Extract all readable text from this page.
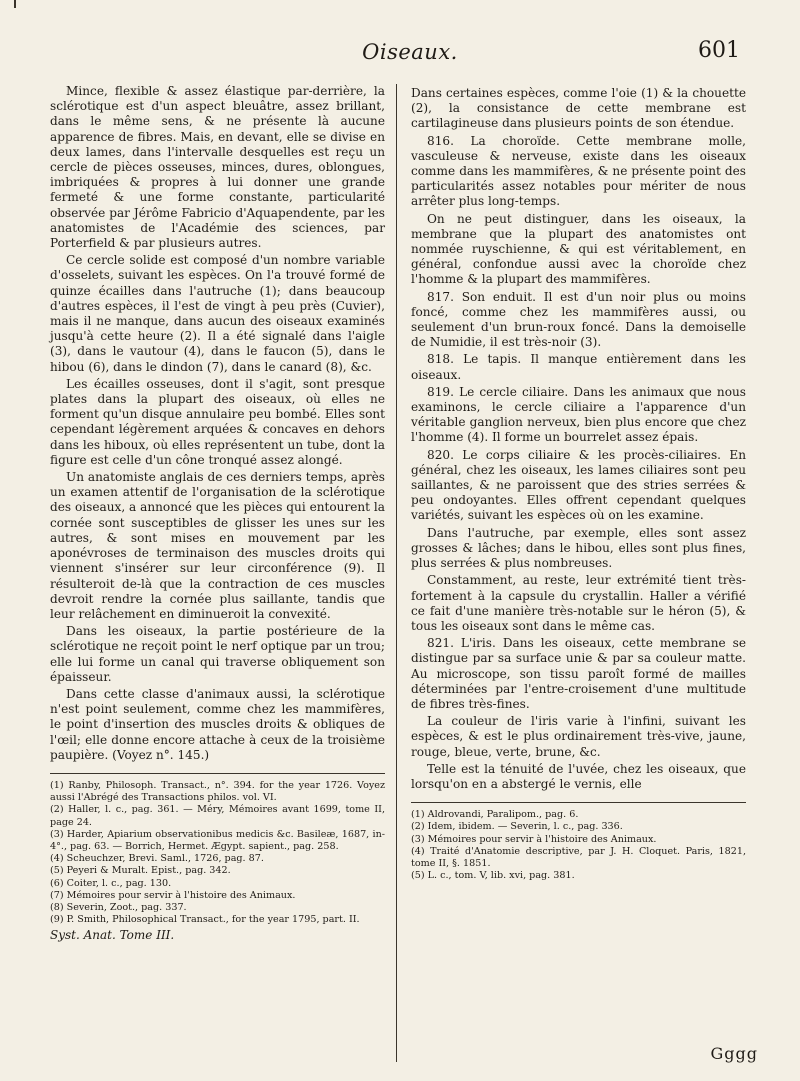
Oiseaux.	601

Mince, flexible & assez élastique par-derrière, la sclérotique est d'un aspect bleuâtre, assez brillant, dans le même sens, & ne présente là aucune apparence de fibres. Mais, en devant, elle se divise en deux lames, dans l'intervalle desquelles est reçu un cercle de pièces osseuses, minces, dures, oblongues, imbriquées & propres à lui donner une grande fermeté & une forme constante, particularité observée par Jérôme Fabricio d'Aquapendente, par les anatomistes de l'Académie des sciences, par Porterfield & par plusieurs autres.

Ce cercle solide est composé d'un nombre variable d'osselets, suivant les espèces. On l'a trouvé formé de quinze écailles dans l'autruche (1); dans beaucoup d'autres espèces, il l'est de vingt à peu près (Cuvier), mais il ne manque, dans aucun des oiseaux examinés jusqu'à cette heure (2). Il a été signalé dans l'aigle (3), dans le vautour (4), dans le faucon (5), dans le hibou (6), dans le dindon (7), dans le canard (8), &c.

Les écailles osseuses, dont il s'agit, sont presque plates dans la plupart des oiseaux, où elles ne forment qu'un disque annulaire peu bombé. Elles sont cependant légèrement arquées & concaves en dehors dans les hiboux, où elles représentent un tube, dont la figure est celle d'un cône tronqué assez alongé.

Un anatomiste anglais de ces derniers temps, après un examen attentif de l'organisation de la sclérotique des oiseaux, a annoncé que les pièces qui entourent la cornée sont susceptibles de glisser les unes sur les autres, & sont mises en mouvement par les aponévroses de terminaison des muscles droits qui viennent s'insérer sur leur circonférence (9). Il résulteroit de-là que la contraction de ces muscles devroit rendre la cornée plus saillante, tandis que leur relâchement en diminueroit la convexité.

Dans les oiseaux, la partie postérieure de la sclérotique ne reçoit point le nerf optique par un trou; elle lui forme un canal qui traverse obliquement son épaisseur.

Dans cette classe d'animaux aussi, la sclérotique n'est point seulement, comme chez les mammifères, le point d'insertion des muscles droits & obliques de l'œil; elle donne encore attache à ceux de la troisième paupière. (Voyez n°. 145.)

(1) Ranby, Philosoph. Transact., n°. 394. for the year 1726. Voyez aussi l'Abrégé des Transactions philos. vol. VI.

(2) Haller, l. c., pag. 361. — Méry, Mémoires avant 1699, tome II, page 24.

(3) Harder, Apiarium observationibus medicis &c. Basileæ, 1687, in-4°., pag. 63. — Borrich, Hermet. Ægypt. sapient., pag. 258.

(4) Scheuchzer, Brevi. Saml., 1726, pag. 87.

(5) Peyeri & Muralt. Epist., pag. 342.

(6) Coiter, l. c., pag. 130.

(7) Mémoires pour servir à l'histoire des Animaux.

(8) Severin, Zoot., pag. 337.

(9) P. Smith, Philosophical Transact., for the year 1795, part. II.

Syst. Anat. Tome III.

Dans certaines espèces, comme l'oie (1) & la chouette (2), la consistance de cette membrane est cartilagineuse dans plusieurs points de son étendue.

816. La choroïde. Cette membrane molle, vasculeuse & nerveuse, existe dans les oiseaux comme dans les mammifères, & ne présente point des particularités assez notables pour mériter de nous arrêter plus long-temps.

On ne peut distinguer, dans les oiseaux, la membrane que la plupart des anatomistes ont nommée ruyschienne, & qui est véritablement, en général, confondue aussi avec la choroïde chez l'homme & la plupart des mammifères.

817. Son enduit. Il est d'un noir plus ou moins foncé, comme chez les mammifères aussi, ou seulement d'un brun-roux foncé. Dans la demoiselle de Numidie, il est très-noir (3).

818. Le tapis. Il manque entièrement dans les oiseaux.

819. Le cercle ciliaire. Dans les animaux que nous examinons, le cercle ciliaire a l'apparence d'un véritable ganglion nerveux, bien plus encore que chez l'homme (4). Il forme un bourrelet assez épais.

820. Le corps ciliaire & les procès-ciliaires. En général, chez les oiseaux, les lames ciliaires sont peu saillantes, & ne paroissent que des stries serrées & peu ondoyantes. Elles offrent cependant quelques variétés, suivant les espèces où on les examine.

Dans l'autruche, par exemple, elles sont assez grosses & lâches; dans le hibou, elles sont plus fines, plus serrées & plus nombreuses.

Constamment, au reste, leur extrémité tient très-fortement à la capsule du crystallin. Haller a vérifié ce fait d'une manière très-notable sur le héron (5), & tous les oiseaux sont dans le même cas.

821. L'iris. Dans les oiseaux, cette membrane se distingue par sa surface unie & par sa couleur matte. Au microscope, son tissu paroît formé de mailles déterminées par l'entre-croisement d'une multitude de fibres très-fines.

La couleur de l'iris varie à l'infini, suivant les espèces, & est le plus ordinairement très-vive, jaune, rouge, bleue, verte, brune, &c.

Telle est la ténuité de l'uvée, chez les oiseaux, que lorsqu'on en a abstergé le vernis, elle

(1) Aldrovandi, Paralipom., pag. 6.

(2) Idem, ibidem. — Severin, l. c., pag. 336.

(3) Mémoires pour servir à l'histoire des Animaux.

(4) Traité d'Anatomie descriptive, par J. H. Cloquet. Paris, 1821, tome II, §. 1851.

(5) L. c., tom. V, lib. xvi, pag. 381.

Gggg
